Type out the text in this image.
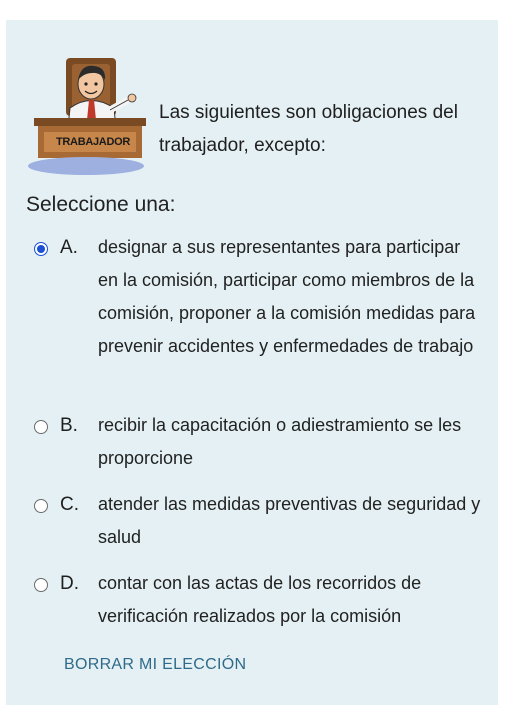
TRABAJADOR
Las siguientes son obligaciones del trabajador, excepto:
Seleccione una:
A. designar a sus representantes para participar en la comisión, participar como miembros de la comisión, proponer a la comisión medidas para prevenir accidentes y enfermedades de trabajo
B. recibir la capacitación o adiestramiento se les proporcione
C. atender las medidas preventivas de seguridad y salud
D. contar con las actas de los recorridos de verificación realizados por la comisión
BORRAR MI ELECCIÓN
